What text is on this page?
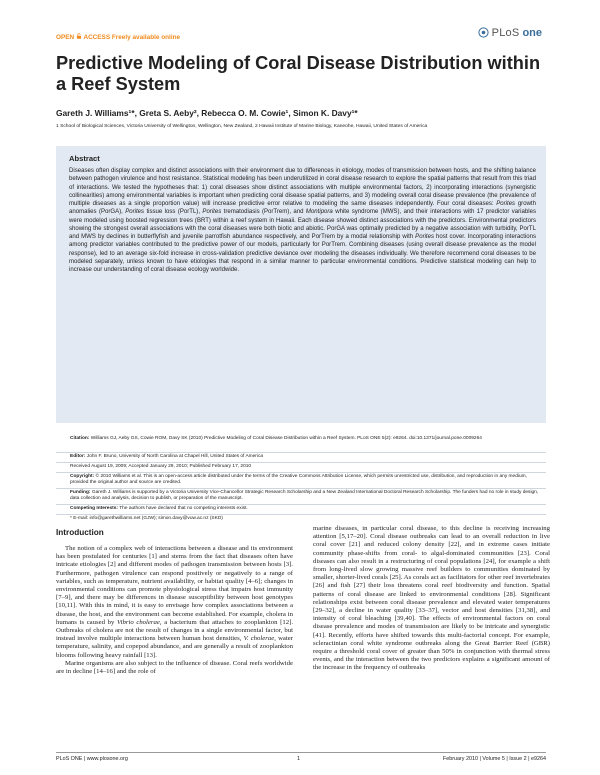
OPEN ACCESS Freely available online	PLoS one
Predictive Modeling of Coral Disease Distribution within a Reef System
Gareth J. Williams¹*, Greta S. Aeby², Rebecca O. M. Cowie¹, Simon K. Davy¹*
1 School of Biological Sciences, Victoria University of Wellington, Wellington, New Zealand, 2 Hawaii Institute of Marine Biology, Kaneohe, Hawaii, United States of America
Abstract

Diseases often display complex and distinct associations with their environment due to differences in etiology, modes of transmission between hosts, and the shifting balance between pathogen virulence and host resistance. Statistical modeling has been underutilized in coral disease research to explore the spatial patterns that result from this triad of interactions. We tested the hypotheses that: 1) coral diseases show distinct associations with multiple environmental factors, 2) incorporating interactions (synergistic collinearities) among environmental variables is important when predicting coral disease spatial patterns, and 3) modeling overall coral disease prevalence (the prevalence of multiple diseases as a single proportion value) will increase predictive error relative to modeling the same diseases independently. Four coral diseases: Porites growth anomalies (PorGA), Porites tissue loss (PorTL), Porites trematodiasis (PorTrem), and Montipora white syndrome (MWS), and their interactions with 17 predictor variables were modeled using boosted regression trees (BRT) within a reef system in Hawaii. Each disease showed distinct associations with the predictors. Environmental predictors showing the strongest overall associations with the coral diseases were both biotic and abiotic. PorGA was optimally predicted by a negative association with turbidity, PorTL and MWS by declines in butterflyfish and juvenile parrotfish abundance respectively, and PorTrem by a modal relationship with Porites host cover. Incorporating interactions among predictor variables contributed to the predictive power of our models, particularly for PorTrem. Combining diseases (using overall disease prevalence as the model response), led to an average six-fold increase in cross-validation predictive deviance over modeling the diseases individually. We therefore recommend coral diseases to be modeled separately, unless known to have etiologies that respond in a similar manner to particular environmental conditions. Predictive statistical modeling can help to increase our understanding of coral disease ecology worldwide.

Citation: Williams GJ, Aeby GS, Cowie ROM, Davy SK (2010) Predictive Modeling of Coral Disease Distribution within a Reef System. PLoS ONE 5(2): e9264. doi:10.1371/journal.pone.0009264
Editor: John F. Bruno, University of North Carolina at Chapel Hill, United States of America
Received August 19, 2009; Accepted January 29, 2010; Published February 17, 2010
Copyright: © 2010 Williams et al. This is an open-access article distributed under the terms of the Creative Commons Attribution License, which permits unrestricted use, distribution, and reproduction in any medium, provided the original author and source are credited.
Funding: Gareth J. Williams is supported by a Victoria University Vice-Chancellor Strategic Research Scholarship and a New Zealand International Doctoral Research Scholarship. The funders had no role in study design, data collection and analysis, decision to publish, or preparation of the manuscript.
Competing Interests: The authors have declared that no competing interests exist.
* E-mail: info@garethwilliams.net (GJW); simon.davy@vuw.ac.nz (SKD)
Introduction

The notion of a complex web of interactions between a disease and its environment has been postulated for centuries [1] and stems from the fact that diseases often have intricate etiologies [2] and different modes of pathogen transmission between hosts [3]. Furthermore, pathogen virulence can respond positively or negatively to a range of variables, such as temperature, nutrient availability, or habitat quality [4–6]; changes in environmental conditions can promote physiological stress that impairs host immunity [7–9], and there may be differences in disease susceptibility between host genotypes [10,11]. With this in mind, it is easy to envisage how complex associations between a disease, the host, and the environment can become established. For example, cholera in humans is caused by Vibrio cholerae, a bacterium that attaches to zooplankton [12]. Outbreaks of cholera are not the result of changes in a single environmental factor, but instead involve multiple interactions between human host densities, V. cholerae, water temperature, salinity, and copepod abundance, and are generally a result of zooplankton blooms following heavy rainfall [13].
Marine organisms are also subject to the influence of disease. Coral reefs worldwide are in decline [14–16] and the role of

marine diseases, in particular coral disease, to this decline is receiving increasing attention [5,17–20]. Coral disease outbreaks can lead to an overall reduction in live coral cover [21] and reduced colony density [22], and in extreme cases initiate community phase-shifts from coral- to algal-dominated communities [23]. Coral diseases can also result in a restructuring of coral populations [24], for example a shift from long-lived slow growing massive reef builders to communities dominated by smaller, shorter-lived corals [25]. As corals act as facilitators for other reef invertebrates [26] and fish [27] their loss threatens coral reef biodiversity and function. Spatial patterns of coral disease are linked to environmental conditions [28]. Significant relationships exist between coral disease prevalence and elevated water temperatures [29–32], a decline in water quality [33–37], vector and host densities [31,38], and intensity of coral bleaching [39,40]. The effects of environmental factors on coral disease prevalence and modes of transmission are likely to be intricate and synergistic [41]. Recently, efforts have shifted towards this multi-factorial concept. For example, scleractinian coral white syndrome outbreaks along the Great Barrier Reef (GBR) require a threshold coral cover of greater than 50% in conjunction with thermal stress events, and the interaction between the two predictors explains a significant amount of the increase in the frequency of outbreaks

PLoS ONE | www.plosone.org	1	February 2010 | Volume 5 | Issue 2 | e9264
